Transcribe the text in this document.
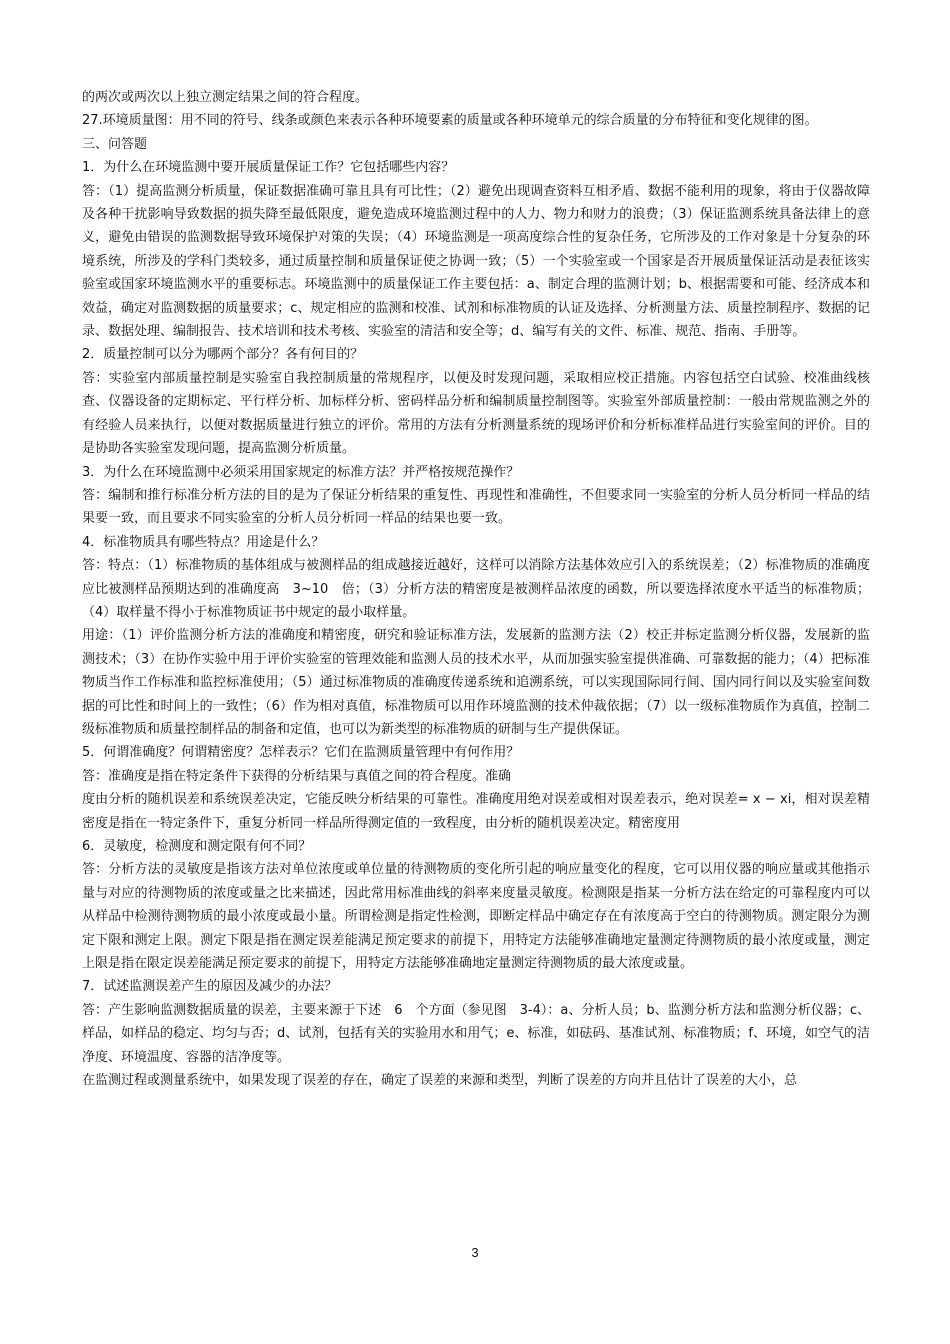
的两次或两次以上独立测定结果之间的符合程度。

27.环境质量图：用不同的符号、线条或颜色来表示各种环境要素的质量或各种环境单元的综合质量的分布特征和变化规律的图。

三、问答题

1．为什么在环境监测中要开展质量保证工作？它包括哪些内容？

答：（1）提高监测分析质量，保证数据准确可靠且具有可比性；（2）避免出现调查资料互相矛盾、数据不能利用的现象，将由于仪器故障及各种干扰影响导致数据的损失降至最低限度，避免造成环境监测过程中的人力、物力和财力的浪费；（3）保证监测系统具备法律上的意义，避免由错误的监测数据导致环境保护对策的失误；（4）环境监测是一项高度综合性的复杂任务，它所涉及的工作对象是十分复杂的环境系统，所涉及的学科门类较多，通过质量控制和质量保证使之协调一致；（5）一个实验室或一个国家是否开展质量保证活动是表征该实验室或国家环境监测水平的重要标志。环境监测中的质量保证工作主要包括：a、制定合理的监测计划；b、根据需要和可能、经济成本和效益，确定对监测数据的质量要求；c、规定相应的监测和校准、试剂和标准物质的认证及选择、分析测量方法、质量控制程序、数据的记录、数据处理、编制报告、技术培训和技术考核、实验室的清洁和安全等；d、编写有关的文件、标准、规范、指南、手册等。

2．质量控制可以分为哪两个部分？各有何目的？

答：实验室内部质量控制是实验室自我控制质量的常规程序，以便及时发现问题，采取相应校正措施。内容包括空白试验、校准曲线核查、仪器设备的定期标定、平行样分析、加标样分析、密码样品分析和编制质量控制图等。实验室外部质量控制：一般由常规监测之外的有经验人员来执行，以便对数据质量进行独立的评价。常用的方法有分析测量系统的现场评价和分析标准样品进行实验室间的评价。目的是协助各实验室发现问题，提高监测分析质量。

3．为什么在环境监测中必须采用国家规定的标准方法？并严格按规范操作？

答：编制和推行标准分析方法的目的是为了保证分析结果的重复性、再现性和准确性，不但要求同一实验室的分析人员分析同一样品的结果要一致，而且要求不同实验室的分析人员分析同一样品的结果也要一致。

4．标准物质具有哪些特点？用途是什么？

答：特点：（1）标准物质的基体组成与被测样品的组成越接近越好，这样可以消除方法基体效应引入的系统误差；（2）标准物质的准确度应比被测样品预期达到的准确度高　3~10　倍；（3）分析方法的精密度是被测样品浓度的函数，所以要选择浓度水平适当的标准物质；（4）取样量不得小于标准物质证书中规定的最小取样量。

用途：（1）评价监测分析方法的准确度和精密度，研究和验证标准方法，发展新的监测方法（2）校正并标定监测分析仪器，发展新的监测技术；（3）在协作实验中用于评价实验室的管理效能和监测人员的技术水平，从而加强实验室提供准确、可靠数据的能力；（4）把标准物质当作工作标准和监控标准使用；（5）通过标准物质的准确度传递系统和追溯系统，可以实现国际同行间、国内同行间以及实验室间数据的可比性和时间上的一致性；（6）作为相对真值，标准物质可以用作环境监测的技术仲裁依据；（7）以一级标准物质作为真值，控制二级标准物质和质量控制样品的制备和定值，也可以为新类型的标准物质的研制与生产提供保证。

5．何谓准确度？何谓精密度？怎样表示？它们在监测质量管理中有何作用？

答：准确度是指在特定条件下获得的分析结果与真值之间的符合程度。准确

度由分析的随机误差和系统误差决定，它能反映分析结果的可靠性。准确度用绝对误差或相对误差表示，绝对误差= x − xi，相对误差精密度是指在一特定条件下，重复分析同一样品所得测定值的一致程度，由分析的随机误差决定。精密度用

6．灵敏度，检测度和测定限有何不同？

答：分析方法的灵敏度是指该方法对单位浓度或单位量的待测物质的变化所引起的响应量变化的程度，它可以用仪器的响应量或其他指示量与对应的待测物质的浓度或量之比来描述，因此常用标准曲线的斜率来度量灵敏度。检测限是指某一分析方法在给定的可靠程度内可以从样品中检测待测物质的最小浓度或最小量。所谓检测是指定性检测，即断定样品中确定存在有浓度高于空白的待测物质。测定限分为测定下限和测定上限。测定下限是指在测定误差能满足预定要求的前提下，用特定方法能够准确地定量测定待测物质的最小浓度或量，测定上限是指在限定误差能满足预定要求的前提下，用特定方法能够准确地定量测定待测物质的最大浓度或量。

7．试述监测误差产生的原因及减少的办法？

答：产生影响监测数据质量的误差，主要来源于下述　6　个方面（参见图　3-4）：a、分析人员；b、监测分析方法和监测分析仪器；c、样品，如样品的稳定、均匀与否；d、试剂，包括有关的实验用水和用气；e、标准，如砝码、基准试剂、标准物质；f、环境，如空气的洁净度、环境温度、容器的洁净度等。

在监测过程或测量系统中，如果发现了误差的存在，确定了误差的来源和类型，判断了误差的方向并且估计了误差的大小，总

3
